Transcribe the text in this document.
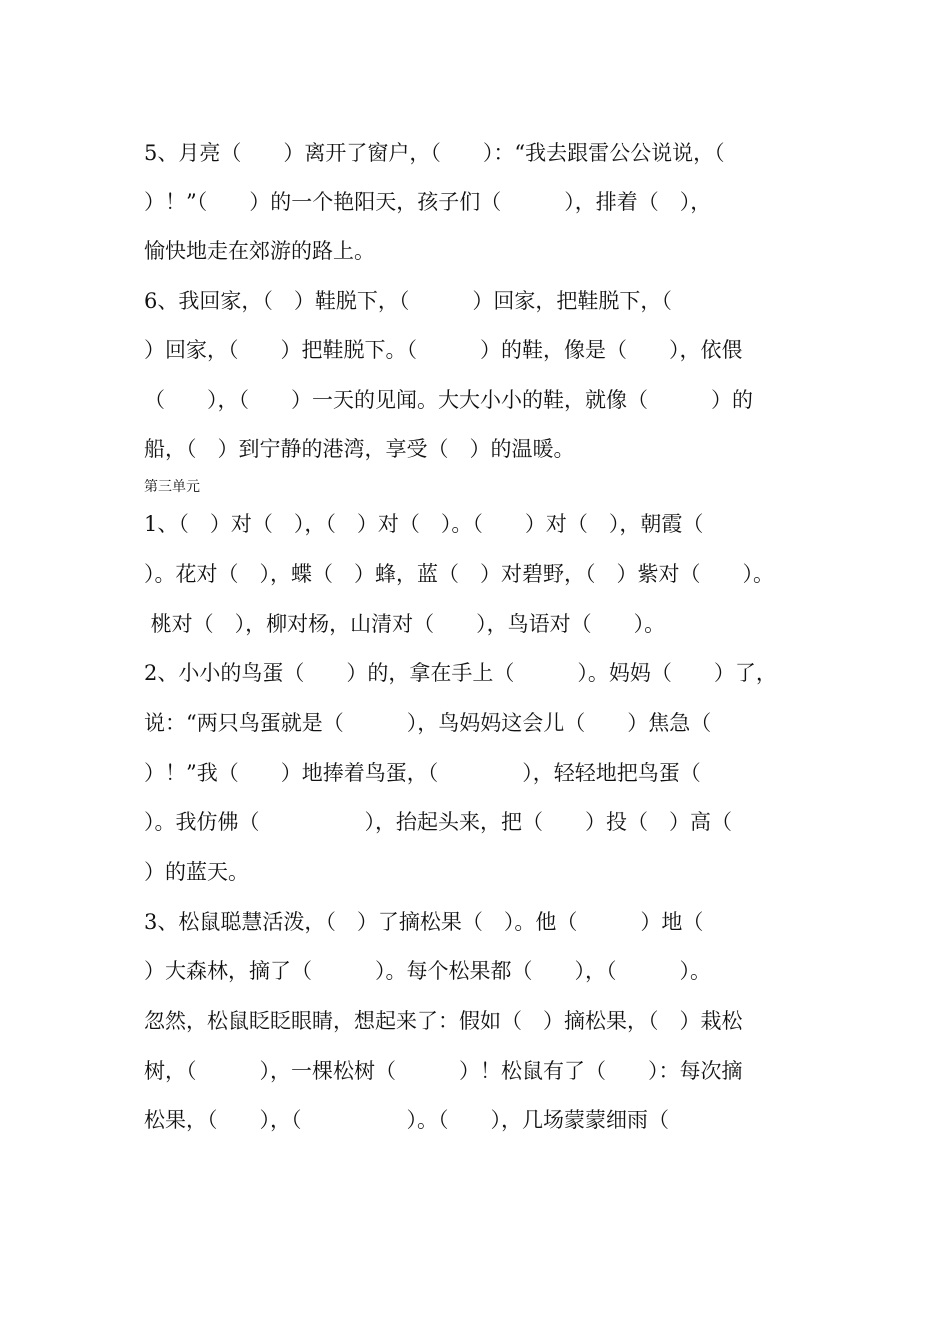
5、月亮（　　）离开了窗户，（　　）：“我去跟雷公公说说，（
）！”（　　）的一个艳阳天，孩子们（　　　），排着（　），
愉快地走在郊游的路上。
6、我回家，（　）鞋脱下，（　　　）回家，把鞋脱下，（
）回家，（　　）把鞋脱下。（　　　）的鞋，像是（　　），依偎
（　　），（　　）一天的见闻。大大小小的鞋，就像（　　　）的
船，（　）到宁静的港湾，享受（　）的温暖。
第三单元
1、（　）对（　），（　）对（　）。（　　）对（　），朝霞（
）。花对（　），蝶（　）蜂，蓝（　）对碧野，（　）紫对（　　）。
桃对（　），柳对杨，山清对（　　），鸟语对（　　）。
2、小小的鸟蛋（　　）的，拿在手上（　　　）。妈妈（　　）了，
说：“两只鸟蛋就是（　　　），鸟妈妈这会儿（　　）焦急（
）！”我（　　）地捧着鸟蛋，（　　　　），轻轻地把鸟蛋（
）。我仿佛（　　　　　），抬起头来，把（　　）投（　）高（
）的蓝天。
3、松鼠聪慧活泼，（　）了摘松果（　）。他（　　　）地（
）大森林，摘了（　　　）。每个松果都（　　），（　　　）。
忽然，松鼠眨眨眼睛，想起来了：假如（　）摘松果，（　）栽松
树，（　　　），一棵松树（　　　）！松鼠有了（　　）：每次摘
松果，（　　），（　　　　　）。（　　），几场蒙蒙细雨（
